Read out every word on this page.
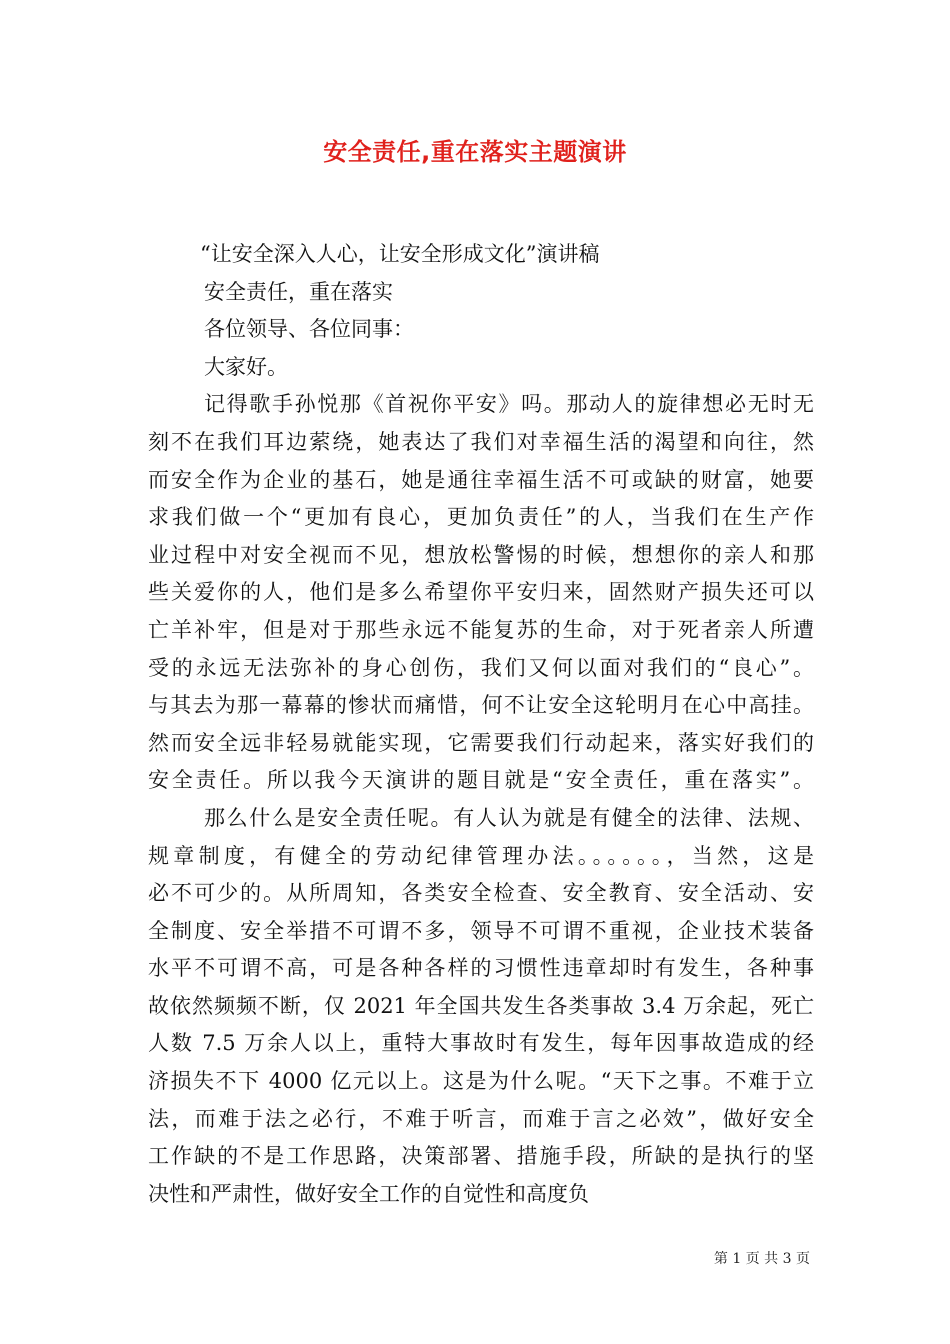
安全责任,重在落实主题演讲
“让安全深入人心，让安全形成文化”演讲稿
安全责任，重在落实
各位领导、各位同事：
大家好。
记得歌手孙悦那《首祝你平安》吗。那动人的旋律想必无时无
刻不在我们耳边萦绕，她表达了我们对幸福生活的渴望和向往，然
而安全作为企业的基石，她是通往幸福生活不可或缺的财富，她要
求我们做一个“更加有良心，更加负责任”的人，当我们在生产作
业过程中对安全视而不见，想放松警惕的时候，想想你的亲人和那
些关爱你的人，他们是多么希望你平安归来，固然财产损失还可以
亡羊补牢，但是对于那些永远不能复苏的生命，对于死者亲人所遭
受的永远无法弥补的身心创伤，我们又何以面对我们的“良心”。
与其去为那一幕幕的惨状而痛惜，何不让安全这轮明月在心中高挂。
然而安全远非轻易就能实现，它需要我们行动起来，落实好我们的
安全责任。所以我今天演讲的题目就是“安全责任，重在落实”。
那么什么是安全责任呢。有人认为就是有健全的法律、法规、
规章制度，有健全的劳动纪律管理办法。。。。。。，当然，这是
必不可少的。从所周知，各类安全检查、安全教育、安全活动、安
全制度、安全举措不可谓不多，领导不可谓不重视，企业技术装备
水平不可谓不高，可是各种各样的习惯性违章却时有发生，各种事
故依然频频不断，仅 2021 年全国共发生各类事故 3.4 万余起，死亡
人数 7.5 万余人以上，重特大事故时有发生，每年因事故造成的经
济损失不下 4000 亿元以上。这是为什么呢。“天下之事。不难于立
法，而难于法之必行，不难于听言，而难于言之必效”，做好安全
工作缺的不是工作思路，决策部署、措施手段，所缺的是执行的坚
决性和严肃性，做好安全工作的自觉性和高度负
第 1 页 共 3 页
